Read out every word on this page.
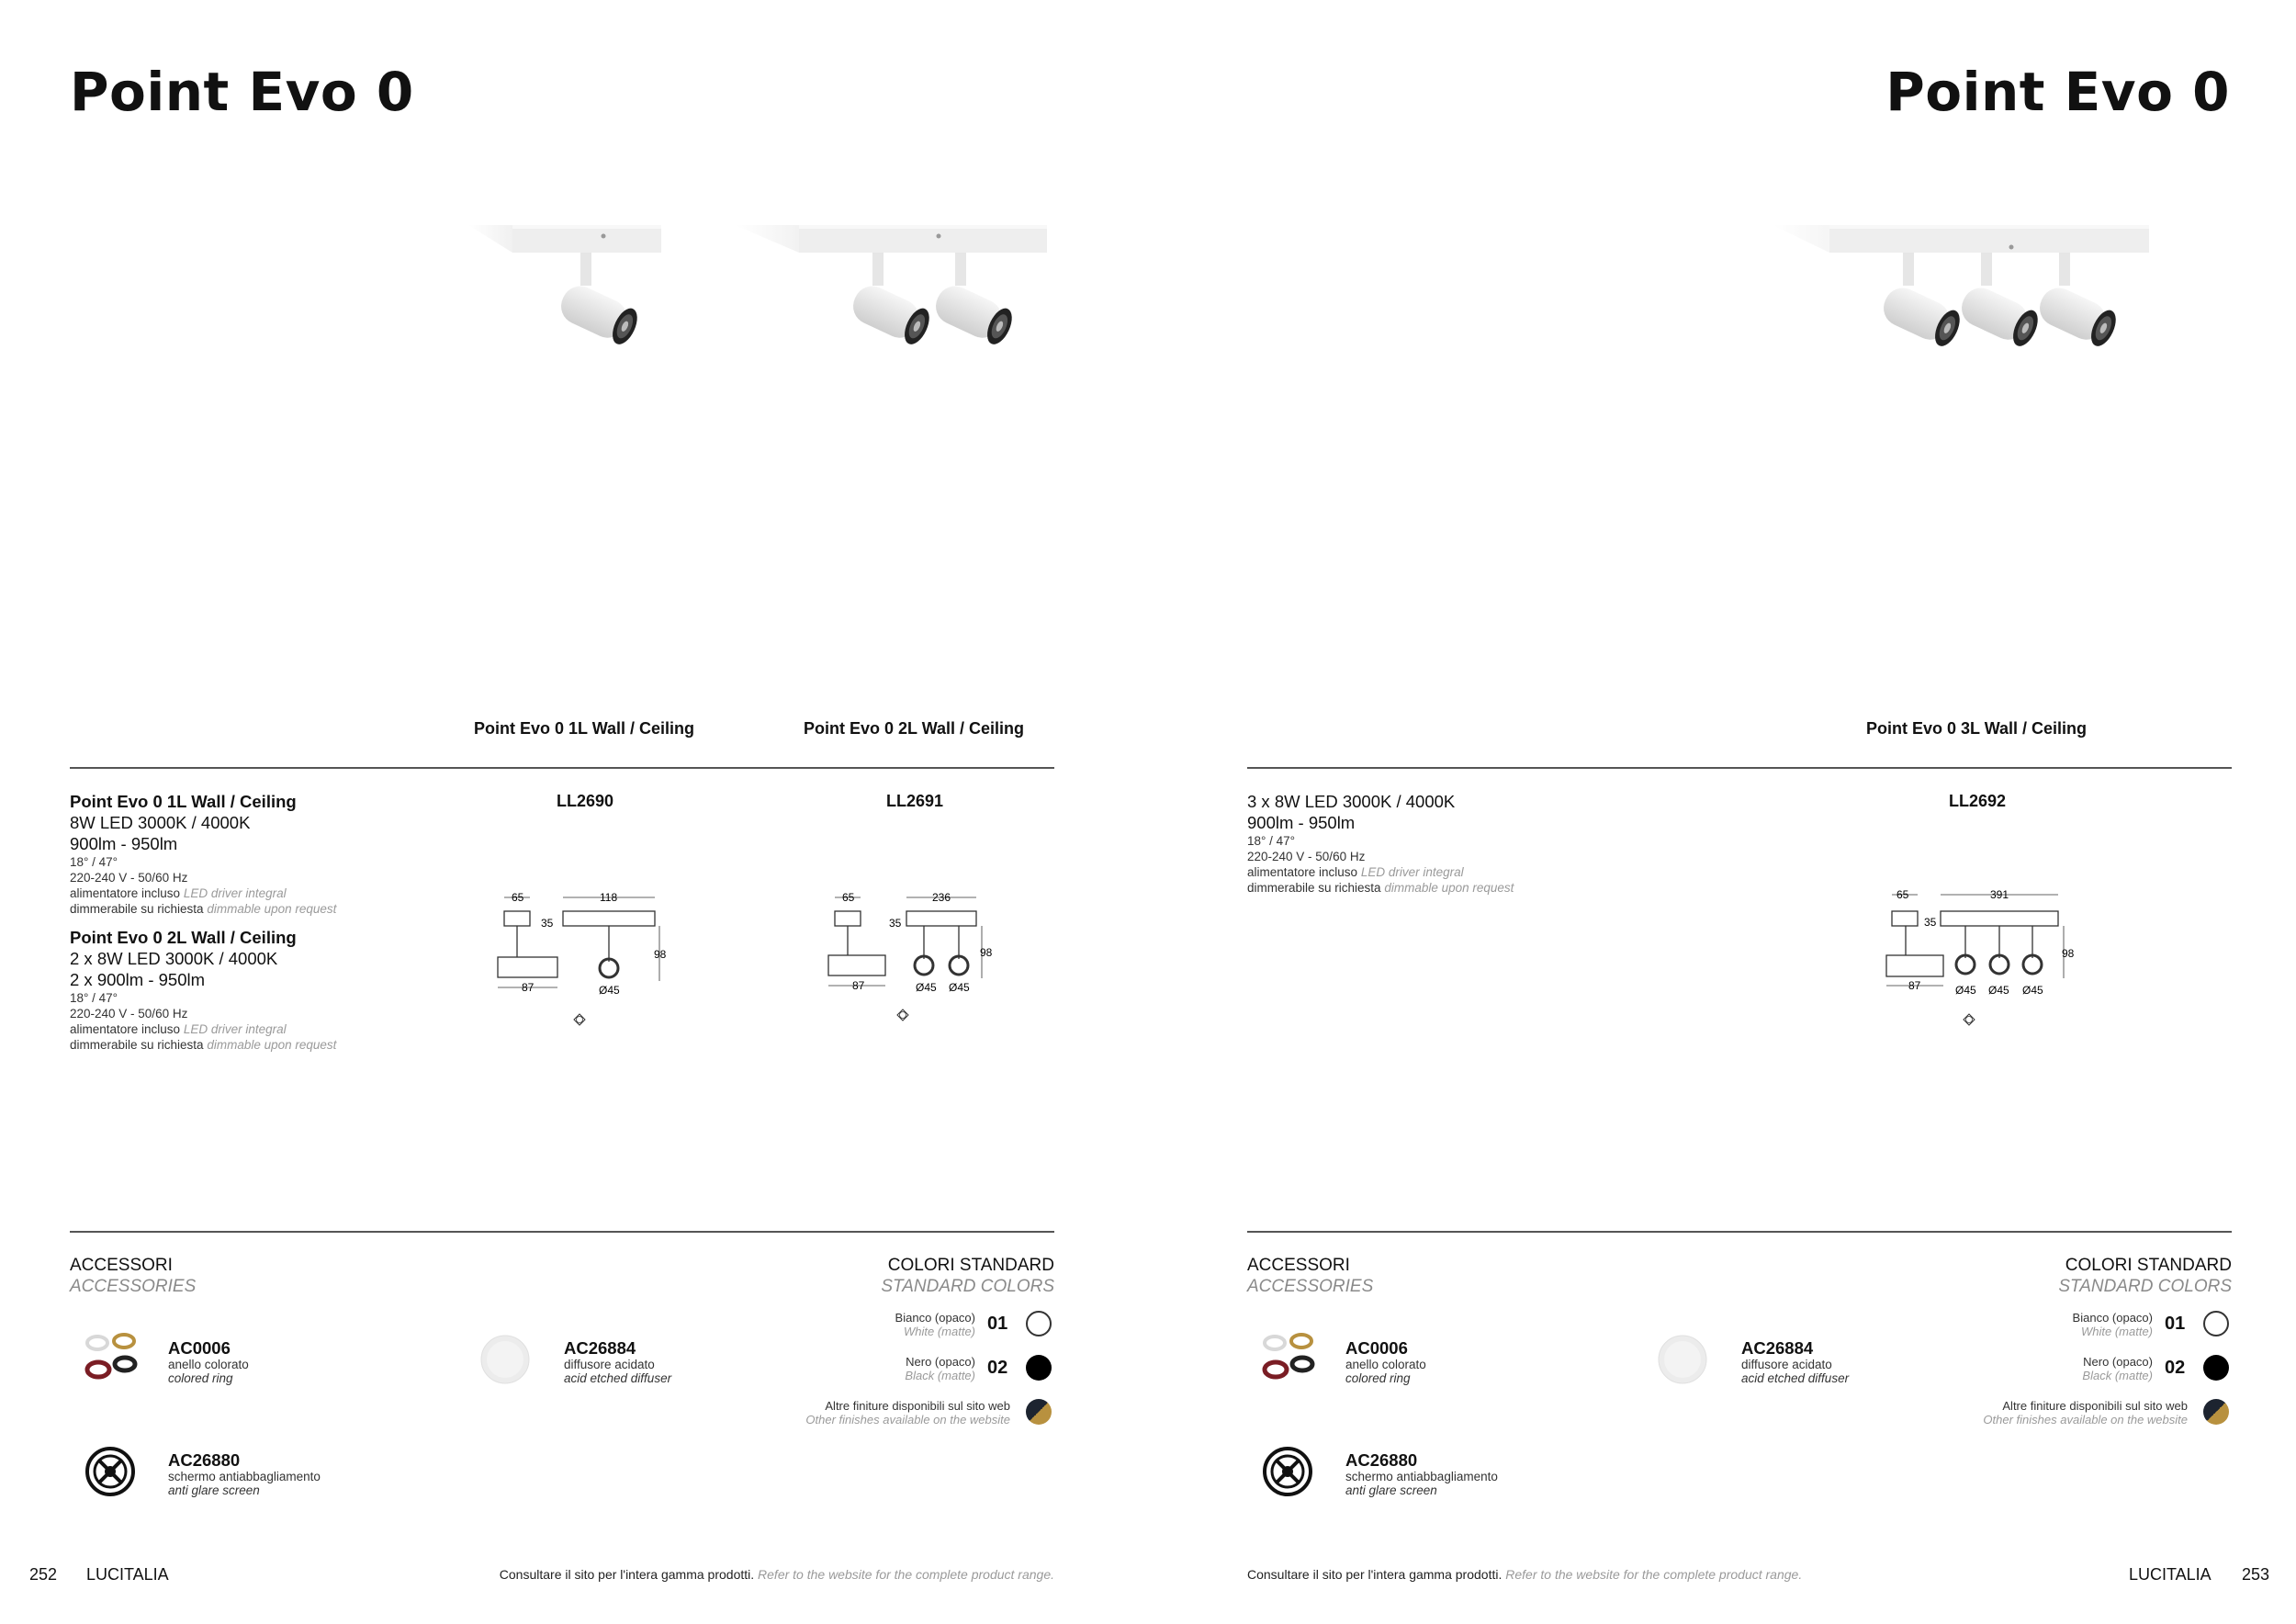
Point Evo 0
Point Evo 0 1L Wall / Ceiling	Point Evo 0 2L Wall / Ceiling
Point Evo 0 1L Wall / Ceiling
8W LED 3000K / 4000K
900lm - 950lm
18° / 47°
220-240 V - 50/60 Hz
alimentatore incluso LED driver integral
dimmerabile su richiesta dimmable upon request
Point Evo 0 2L Wall / Ceiling
2 x 8W LED 3000K / 4000K
2 x 900lm - 950lm
18° / 47°
220-240 V - 50/60 Hz
alimentatore incluso LED driver integral
dimmerabile su richiesta dimmable upon request
LL2690	LL2691
65	118
35
98
87	Ø45
65	236
35
98
87	Ø45 Ø45
ACCESSORI
ACCESSORIES
AC0006
anello colorato
colored ring
AC26884
diffusore acidato
acid etched diffuser
AC26880
schermo antiabbagliamento
anti glare screen
COLORI STANDARD
STANDARD COLORS
Bianco (opaco)
White (matte) 01
Nero (opaco)
Black (matte) 02
Altre finiture disponibili sul sito web
Other finishes available on the website
252 LUCITALIA	Consultare il sito per l'intera gamma prodotti. Refer to the website for the complete product range.
Point Evo 0
Point Evo 0 3L Wall / Ceiling
3 x 8W LED 3000K / 4000K
900lm - 950lm
18° / 47°
220-240 V - 50/60 Hz
alimentatore incluso LED driver integral
dimmerabile su richiesta dimmable upon request
LL2692
65	391
35
98
87	Ø45 Ø45 Ø45
ACCESSORI
ACCESSORIES
AC0006
anello colorato
colored ring
AC26884
diffusore acidato
acid etched diffuser
AC26880
schermo antiabbagliamento
anti glare screen
COLORI STANDARD
STANDARD COLORS
Bianco (opaco)
White (matte) 01
Nero (opaco)
Black (matte) 02
Altre finiture disponibili sul sito web
Other finishes available on the website
Consultare il sito per l'intera gamma prodotti. Refer to the website for the complete product range.	LUCITALIA 253
